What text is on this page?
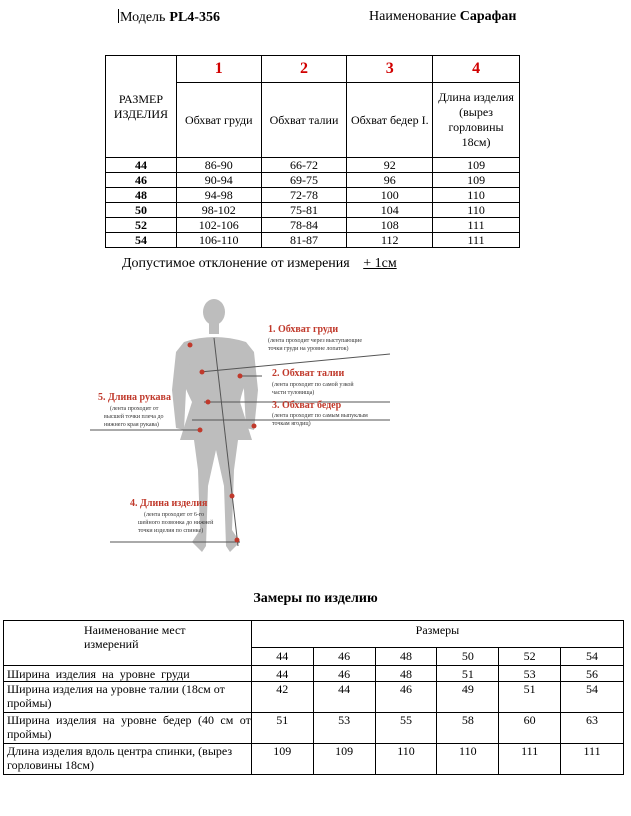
Модель PL4-356	Наименование Сарафан
РАЗМЕР ИЗДЕЛИЯ	1	2	3	4
	Обхват груди	Обхват талии	Обхват бедер I.	Длина изделия (вырез горловины 18см)
44	86-90	66-72	92	109
46	90-94	69-75	96	109
48	94-98	72-78	100	110
50	98-102	75-81	104	110
52	102-106	78-84	108	111
54	106-110	81-87	112	111
Допустимое отклонение от измерения + 1см
1. Обхват груди
(лента проходит через выступающие
точки груди на уровне лопаток)
2. Обхват талии
(лента проходит по самой узкой
части туловища)
3. Обхват бедер
(лента проходит по самым выпуклым
точкам ягодиц)
5. Длина рукава
(лента проходит от
высшей точки плеча до
нижнего края рукава)
4. Длина изделия
(лента проходит от 6-го
шейного позвонка до нижней
точки изделия по спинке)
Замеры по изделию
Наименование мест измерений	Размеры					
	44	46	48	50	52	54
Ширина изделия на уровне груди	44	46	48	51	53	56
Ширина изделия на уровне талии (18см от проймы)	42	44	46	49	51	54
Ширина изделия на уровне бедер (40 см от проймы)	51	53	55	58	60	63
Длина изделия вдоль центра спинки, (вырез горловины 18см)	109	109	110	110	111	111
